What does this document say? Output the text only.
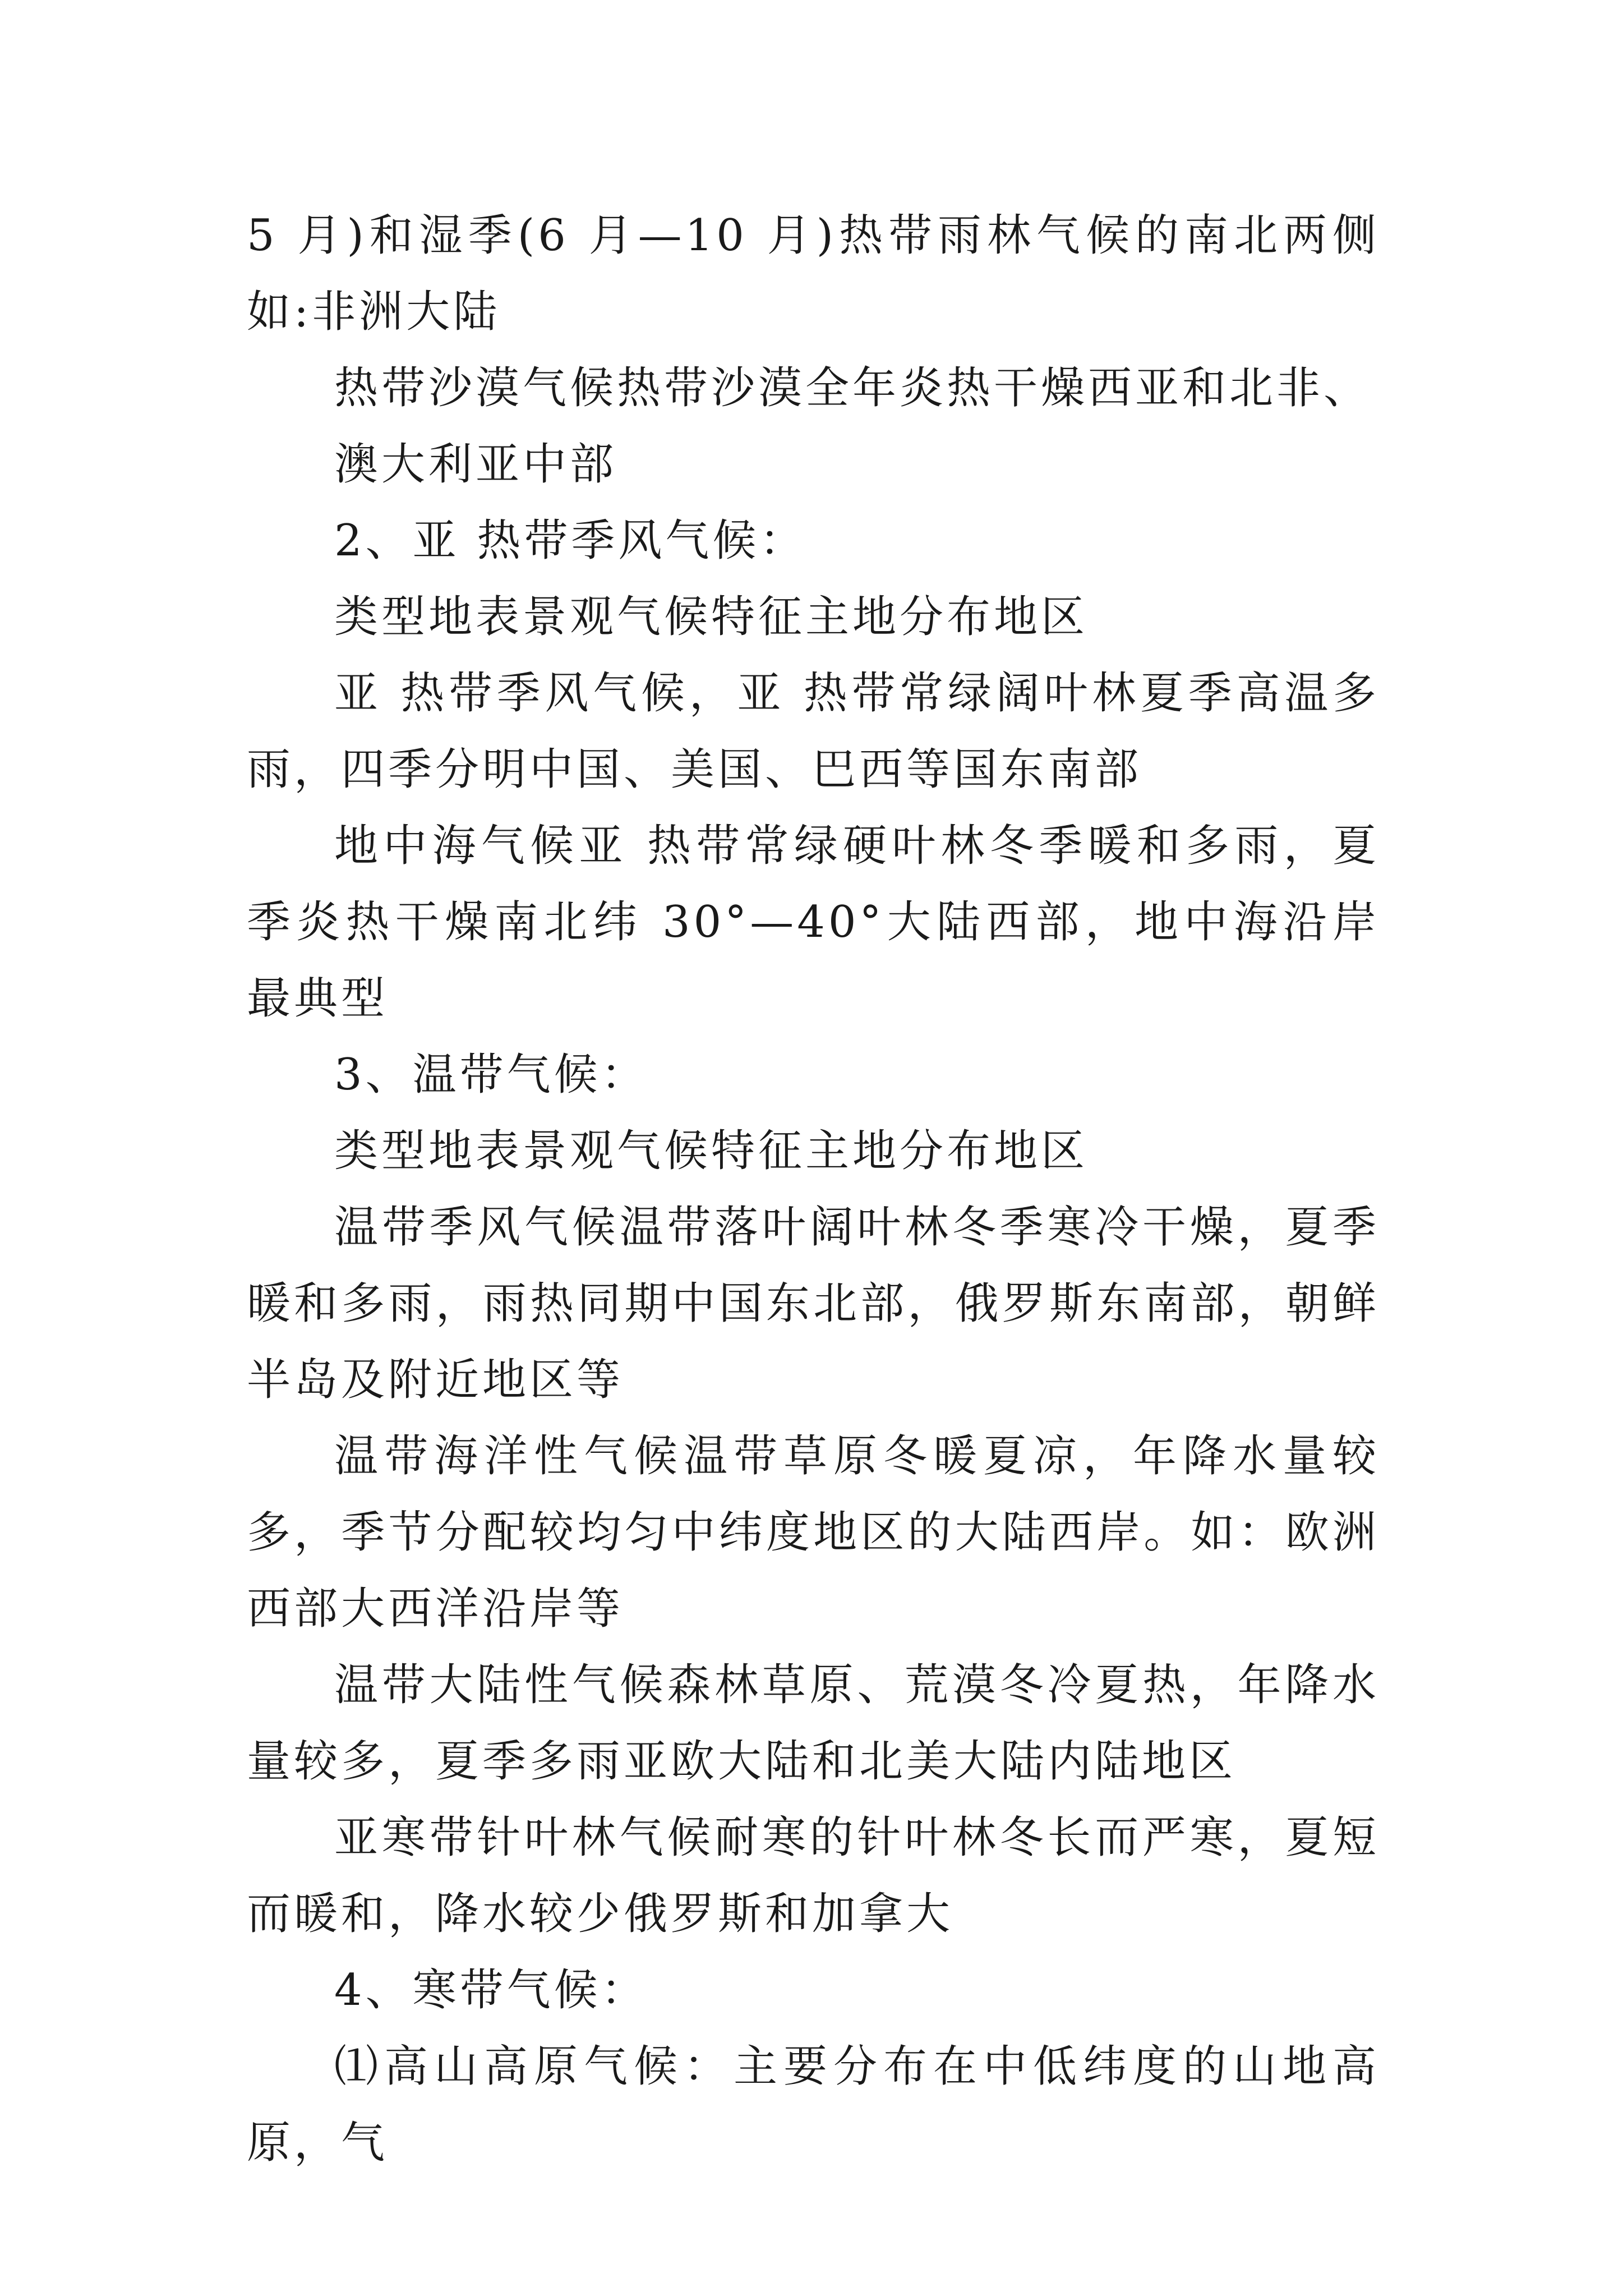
5 月)和湿季(6 月—10 月)热带雨林气候的南北两侧如:非洲大陆

热带沙漠气候热带沙漠全年炎热干燥西亚和北非、

澳大利亚中部

2、亚 热带季风气候：

类型地表景观气候特征主地分布地区

亚 热带季风气候，亚 热带常绿阔叶林夏季高温多雨，四季分明中国、美国、巴西等国东南部

地中海气候亚 热带常绿硬叶林冬季暖和多雨，夏季炎热干燥南北纬 30°—40°大陆西部，地中海沿岸最典型

3、温带气候：

类型地表景观气候特征主地分布地区

温带季风气候温带落叶阔叶林冬季寒冷干燥，夏季暖和多雨，雨热同期中国东北部，俄罗斯东南部，朝鲜半岛及附近地区等

温带海洋性气候温带草原冬暖夏凉，年降水量较多，季节分配较均匀中纬度地区的大陆西岸。如：欧洲西部大西洋沿岸等

温带大陆性气候森林草原、荒漠冬冷夏热，年降水量较多，夏季多雨亚欧大陆和北美大陆内陆地区

亚寒带针叶林气候耐寒的针叶林冬长而严寒，夏短而暖和，降水较少俄罗斯和加拿大

4、寒带气候：

⑴高山高原气候：主要分布在中低纬度的山地高原，气
